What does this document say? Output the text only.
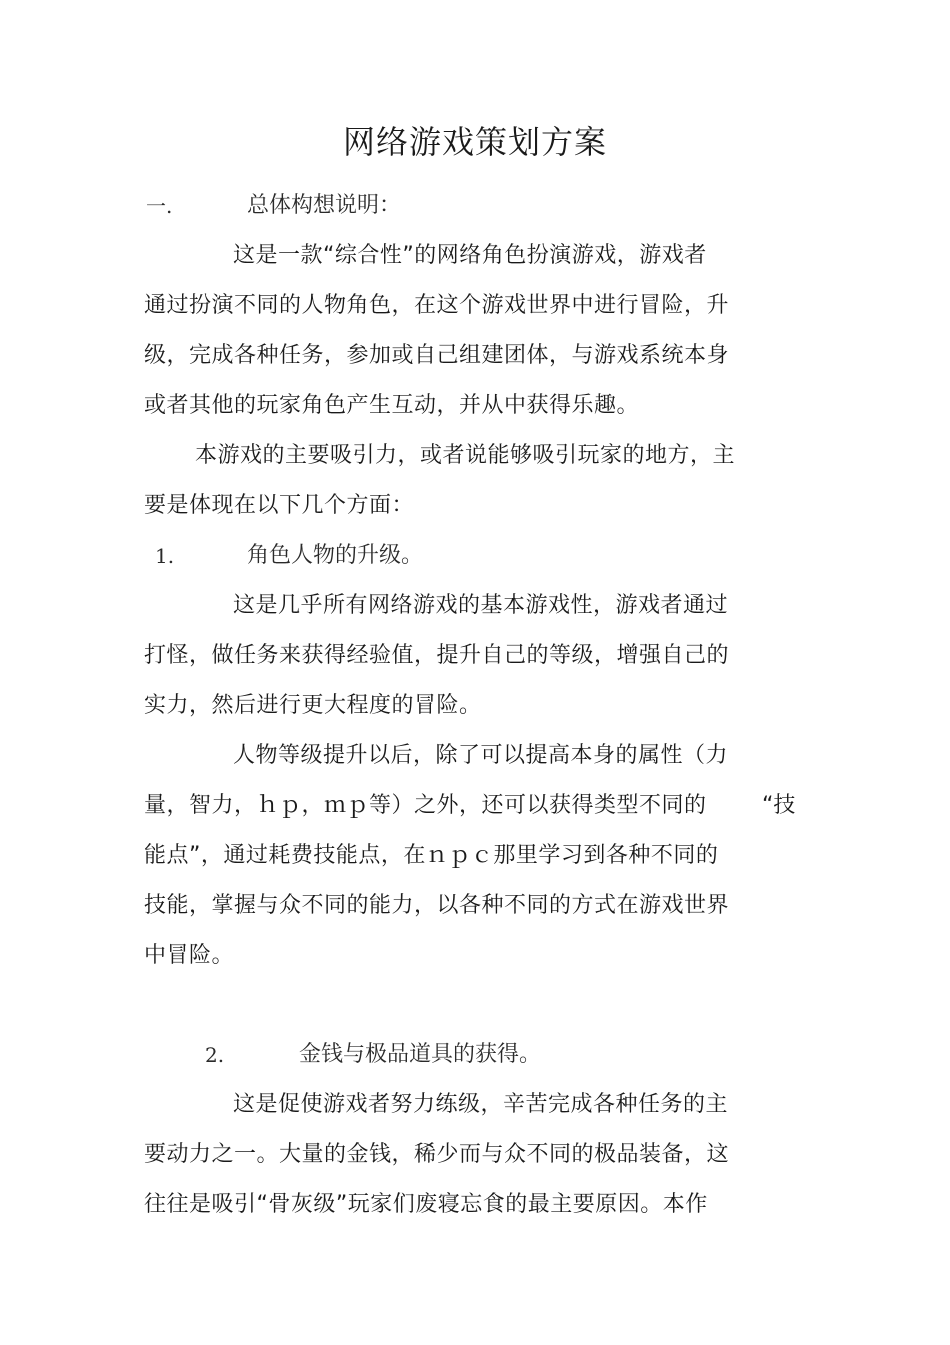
网络游戏策划方案
一.	总体构想说明：
这是一款“综合性”的网络角色扮演游戏，游戏者
通过扮演不同的人物角色，在这个游戏世界中进行冒险，升
级，完成各种任务，参加或自己组建团体，与游戏系统本身
或者其他的玩家角色产生互动，并从中获得乐趣。
本游戏的主要吸引力，或者说能够吸引玩家的地方，主
要是体现在以下几个方面：
1.	角色人物的升级。
这是几乎所有网络游戏的基本游戏性，游戏者通过
打怪，做任务来获得经验值，提升自己的等级，增强自己的
实力，然后进行更大程度的冒险。
人物等级提升以后，除了可以提高本身的属性（力
量，智力，ｈｐ，ｍｐ等）之外，还可以获得类型不同的	“技
能点”，通过耗费技能点，在ｎｐｃ那里学习到各种不同的
技能，掌握与众不同的能力，以各种不同的方式在游戏世界
中冒险。
2.	金钱与极品道具的获得。
这是促使游戏者努力练级，辛苦完成各种任务的主
要动力之一。大量的金钱，稀少而与众不同的极品装备，这
往往是吸引“骨灰级”玩家们废寝忘食的最主要原因。本作
